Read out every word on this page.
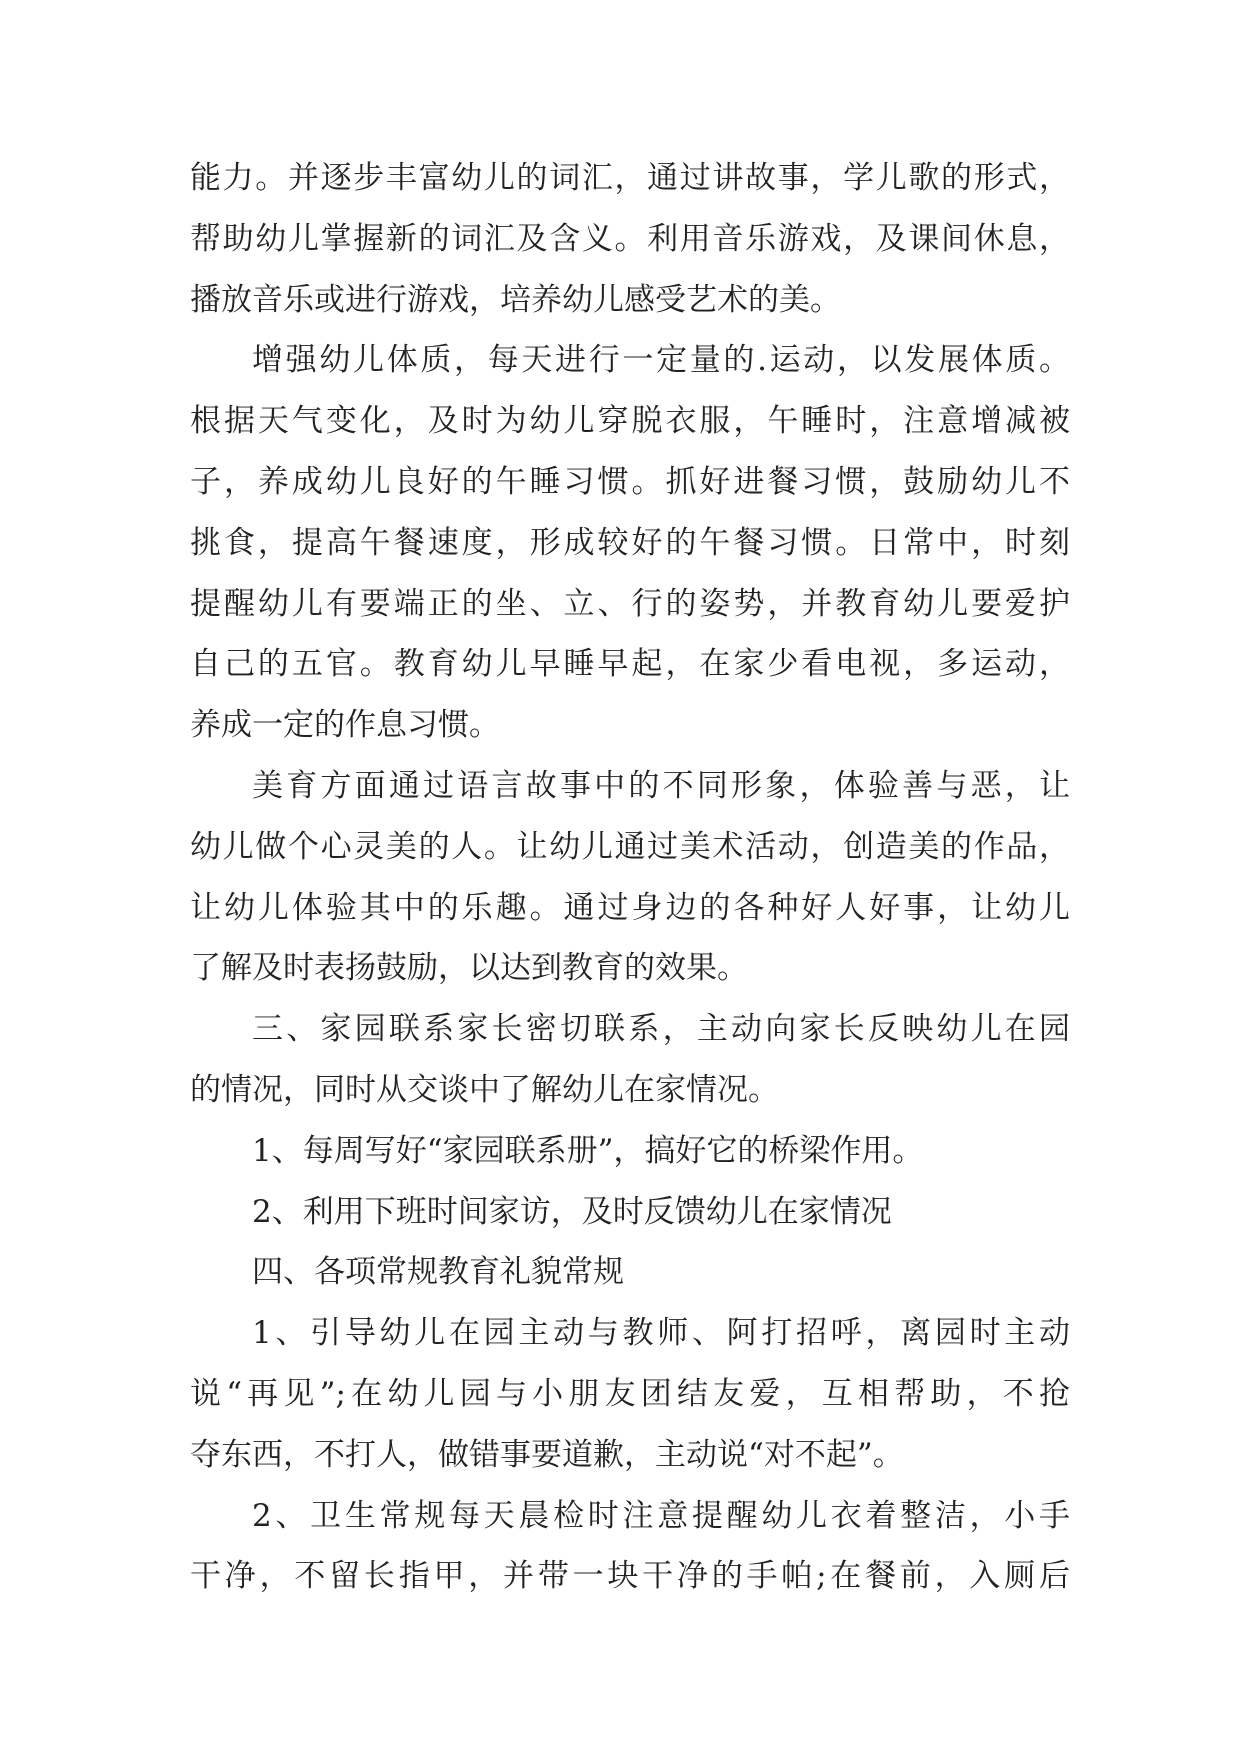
能力。并逐步丰富幼儿的词汇，通过讲故事，学儿歌的形式，
帮助幼儿掌握新的词汇及含义。利用音乐游戏，及课间休息，
播放音乐或进行游戏，培养幼儿感受艺术的美。
增强幼儿体质，每天进行一定量的.运动，以发展体质。
根据天气变化，及时为幼儿穿脱衣服，午睡时，注意增减被
子，养成幼儿良好的午睡习惯。抓好进餐习惯，鼓励幼儿不
挑食，提高午餐速度，形成较好的午餐习惯。日常中，时刻
提醒幼儿有要端正的坐、立、行的姿势，并教育幼儿要爱护
自己的五官。教育幼儿早睡早起，在家少看电视，多运动，
养成一定的作息习惯。
美育方面通过语言故事中的不同形象，体验善与恶，让
幼儿做个心灵美的人。让幼儿通过美术活动，创造美的作品，
让幼儿体验其中的乐趣。通过身边的各种好人好事，让幼儿
了解及时表扬鼓励，以达到教育的效果。
三、家园联系家长密切联系，主动向家长反映幼儿在园
的情况，同时从交谈中了解幼儿在家情况。
1、每周写好“家园联系册”，搞好它的桥梁作用。
2、利用下班时间家访，及时反馈幼儿在家情况
四、各项常规教育礼貌常规
1、引导幼儿在园主动与教师、阿打招呼，离园时主动
说“再见”;在幼儿园与小朋友团结友爱，互相帮助，不抢
夺东西，不打人，做错事要道歉，主动说“对不起”。
2、卫生常规每天晨检时注意提醒幼儿衣着整洁，小手
干净，不留长指甲，并带一块干净的手帕;在餐前，入厕后
